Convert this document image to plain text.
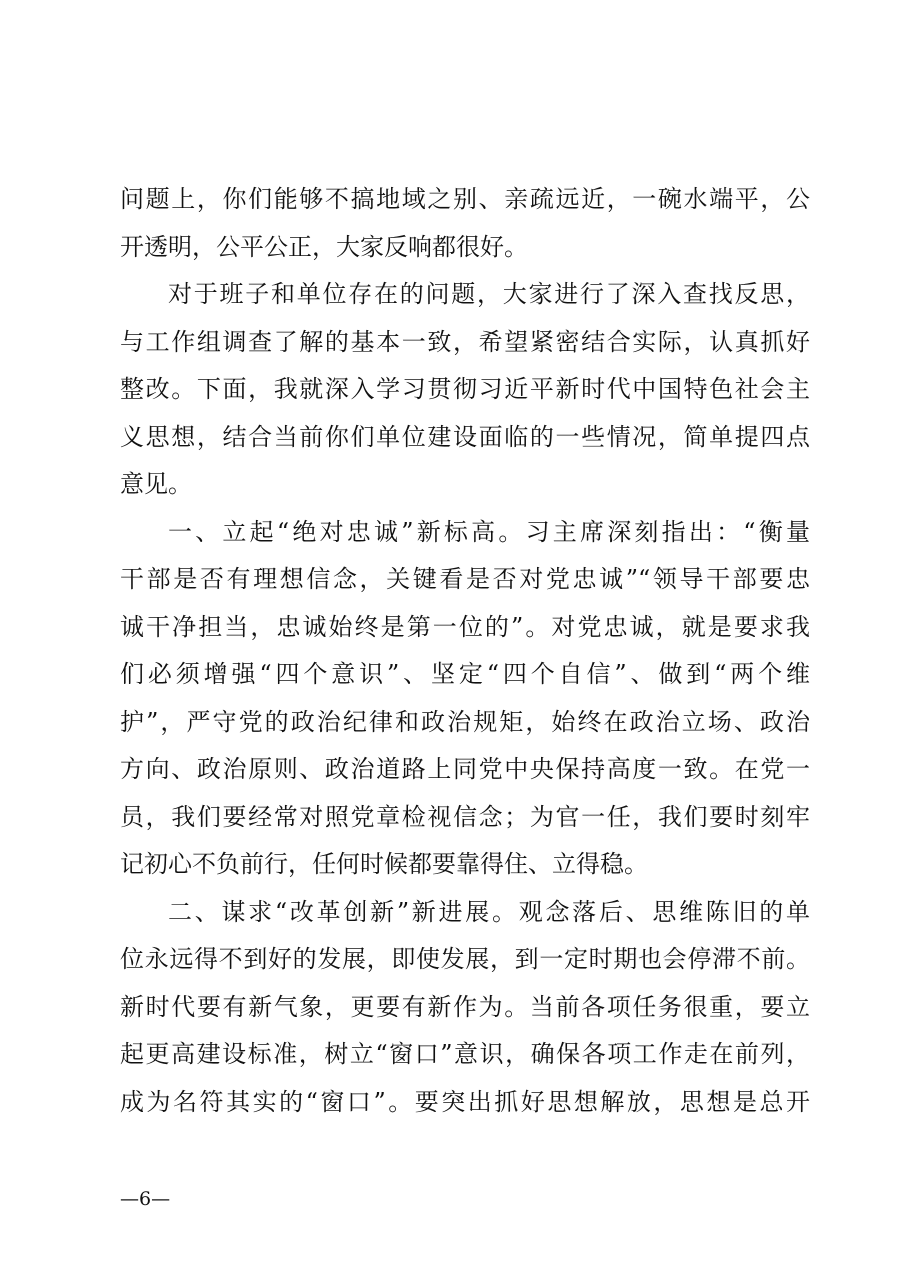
问题上，你们能够不搞地域之别、亲疏远近，一碗水端平，公
开透明，公平公正，大家反响都很好。
对于班子和单位存在的问题，大家进行了深入查找反思，
与工作组调查了解的基本一致，希望紧密结合实际，认真抓好
整改。下面，我就深入学习贯彻习近平新时代中国特色社会主
义思想，结合当前你们单位建设面临的一些情况，简单提四点
意见。
一、立起“绝对忠诚”新标高。习主席深刻指出：“衡量
干部是否有理想信念，关键看是否对党忠诚”“领导干部要忠
诚干净担当，忠诚始终是第一位的”。对党忠诚，就是要求我
们必须增强“四个意识”、坚定“四个自信”、做到“两个维
护”，严守党的政治纪律和政治规矩，始终在政治立场、政治
方向、政治原则、政治道路上同党中央保持高度一致。在党一
员，我们要经常对照党章检视信念；为官一任，我们要时刻牢
记初心不负前行，任何时候都要靠得住、立得稳。
二、谋求“改革创新”新进展。观念落后、思维陈旧的单
位永远得不到好的发展，即使发展，到一定时期也会停滞不前。
新时代要有新气象，更要有新作为。当前各项任务很重，要立
起更高建设标准，树立“窗口”意识，确保各项工作走在前列，
成为名符其实的“窗口”。要突出抓好思想解放，思想是总开
—6—
